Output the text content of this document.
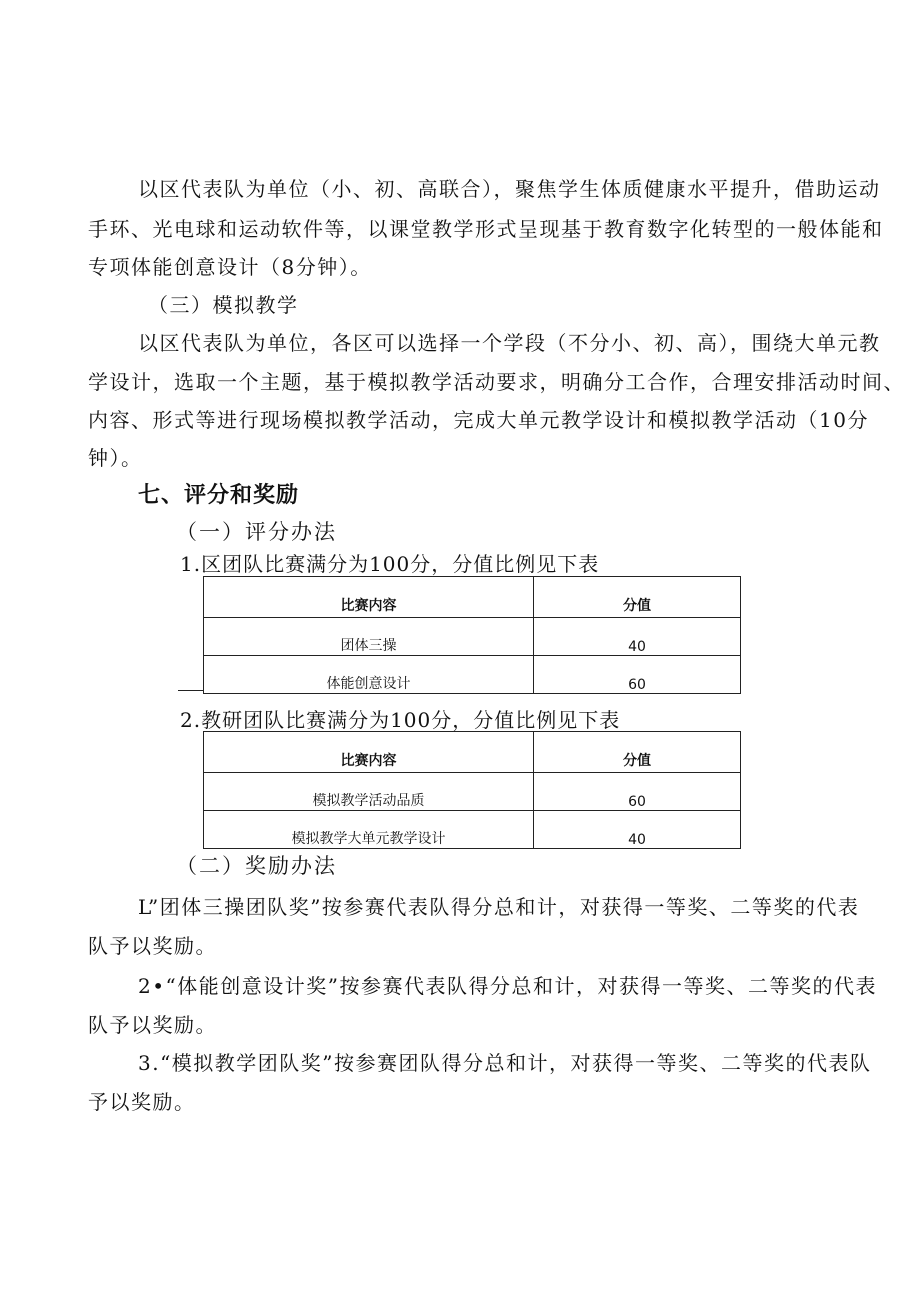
以区代表队为单位（小、初、高联合），聚焦学生体质健康水平提升，借助运动
手环、光电球和运动软件等，以课堂教学形式呈现基于教育数字化转型的一般体能和
专项体能创意设计（8分钟）。
（三）模拟教学
以区代表队为单位，各区可以选择一个学段（不分小、初、高），围绕大单元教
学设计，选取一个主题，基于模拟教学活动要求，明确分工合作，合理安排活动时间、
内容、形式等进行现场模拟教学活动，完成大单元教学设计和模拟教学活动（10分
钟）。
七、评分和奖励
（一）评分办法
1.区团队比赛满分为100分，分值比例见下表
比赛内容	分值
团体三操	40
体能创意设计	60
2.教研团队比赛满分为100分，分值比例见下表
比赛内容	分值
模拟教学活动品质	60
模拟教学大单元教学设计	40
（二）奖励办法
L”团体三操团队奖”按参赛代表队得分总和计，对获得一等奖、二等奖的代表
队予以奖励。
2•“体能创意设计奖”按参赛代表队得分总和计，对获得一等奖、二等奖的代表
队予以奖励。
3.“模拟教学团队奖”按参赛团队得分总和计，对获得一等奖、二等奖的代表队
予以奖励。
